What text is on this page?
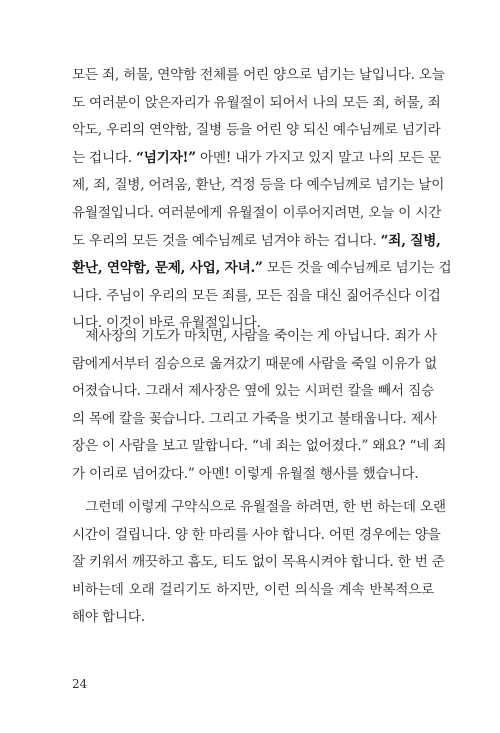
모든 죄, 허물, 연약함 전체를 어린 양으로 넘기는 날입니다. 오늘
도 여러분이 앉은자리가 유월절이 되어서 나의 모든 죄, 허물, 죄
악도, 우리의 연약함, 질병 등을 어린 양 되신 예수님께로 넘기라
는 겁니다. “넘기자!” 아멘! 내가 가지고 있지 말고 나의 모든 문
제, 죄, 질병, 어려움, 환난, 걱정 등을 다 예수님께로 넘기는 날이
유월절입니다. 여러분에게 유월절이 이루어지려면, 오늘 이 시간
도 우리의 모든 것을 예수님께로 넘겨야 하는 겁니다. “죄, 질병,
환난, 연약함, 문제, 사업, 자녀.” 모든 것을 예수님께로 넘기는 겁
니다. 주님이 우리의 모든 죄를, 모든 짐을 대신 짊어주신다 이겁
니다. 이것이 바로 유월절입니다.
　제사장의 기도가 마치면, 사람을 죽이는 게 아닙니다. 죄가 사
람에게서부터 짐승으로 옮겨갔기 때문에 사람을 죽일 이유가 없
어졌습니다. 그래서 제사장은 옆에 있는 시퍼런 칼을 빼서 짐승
의 목에 칼을 꽂습니다. 그리고 가죽을 벗기고 불태웁니다. 제사
장은 이 사람을 보고 말합니다. “네 죄는 없어졌다.” 왜요? “네 죄
가 이리로 넘어갔다.” 아멘! 이렇게 유월절 행사를 했습니다.
　그런데 이렇게 구약식으로 유월절을 하려면, 한 번 하는데 오랜
시간이 걸립니다. 양 한 마리를 사야 합니다. 어떤 경우에는 양을
잘 키워서 깨끗하고 흠도, 티도 없이 목욕시켜야 합니다. 한 번 준
비하는데 오래 걸리기도 하지만, 이런 의식을 계속 반복적으로
해야 합니다.
24
